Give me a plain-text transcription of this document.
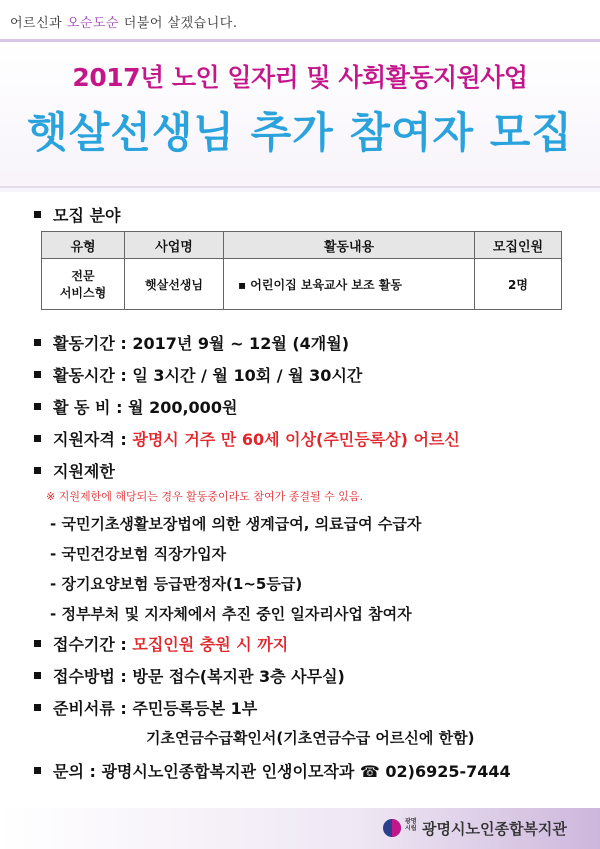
어르신과 오순도순 더불어 살겠습니다.
2017년 노인 일자리 및 사회활동지원사업
햇살선생님 추가 참여자 모집
모집 분야
유형	사업명	활동내용	모집인원

전문
서비스형	햇살선생님	▪ 어린이집 보육교사 보조 활동	2명
활동기간 : 2017년 9월 ~ 12월 (4개월)
활동시간 : 일 3시간 / 월 10회 / 월 30시간
활 동 비 : 월 200,000원
지원자격 : 광명시 거주 만 60세 이상(주민등록상) 어르신
지원제한
※ 지원제한에 해당되는 경우 활동중이라도 참여가 종결될 수 있음.
- 국민기초생활보장법에 의한 생계급여, 의료급여 수급자
- 국민건강보험 직장가입자
- 장기요양보험 등급판정자(1~5등급)
- 정부부처 및 지자체에서 추진 중인 일자리사업 참여자
접수기간 : 모집인원 충원 시 까지
접수방법 : 방문 접수(복지관 3층 사무실)
준비서류 : 주민등록등본 1부
기초연금수급확인서(기초연금수급 어르신에 한함)
문의 : 광명시노인종합복지관 인생이모작과 ☎ 02)6925-7444
광명시립 광명시노인종합복지관
